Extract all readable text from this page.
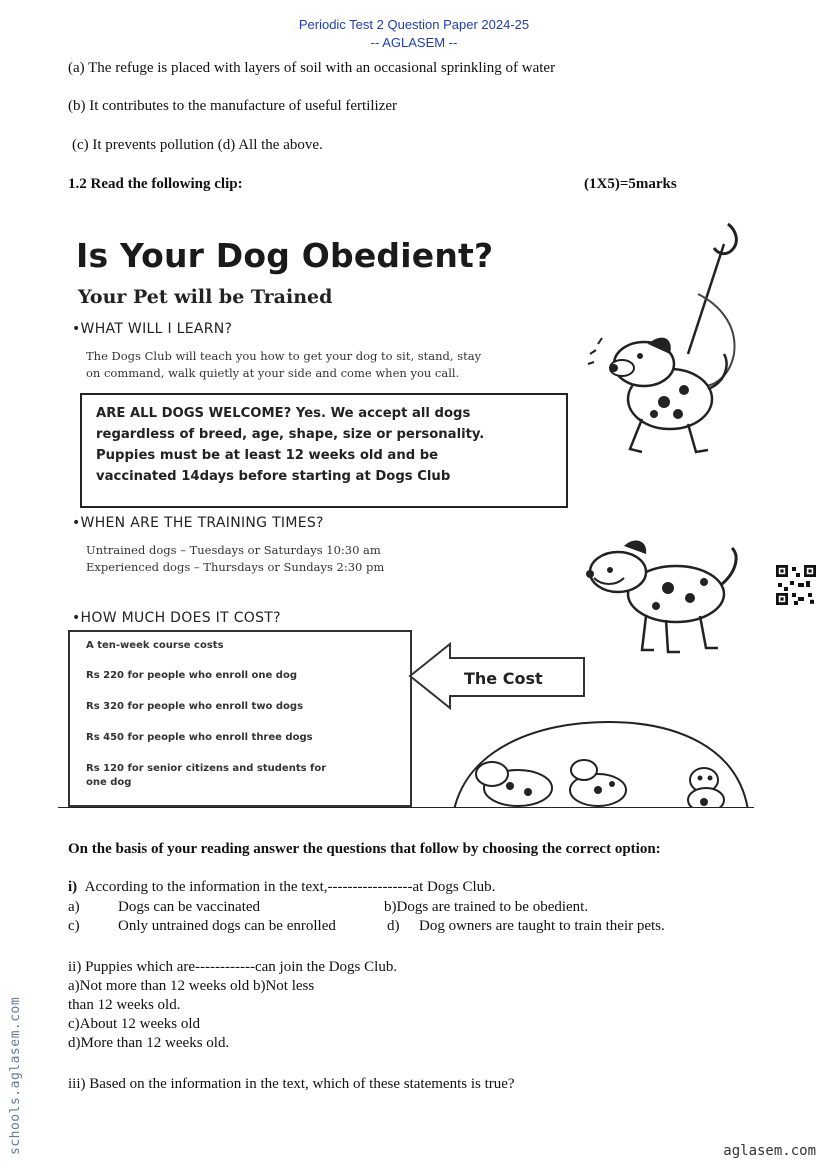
Periodic Test 2 Question Paper 2024-25
-- AGLASEM --
(a) The refuge is placed with layers of soil with an occasional sprinkling of water
(b) It contributes to the manufacture of useful fertilizer
(c) It prevents pollution (d) All the above.
1.2 Read the following clip:	(1X5)=5marks
Is Your Dog Obedient?
Your Pet will be Trained
•WHAT WILL I LEARN?
The Dogs Club will teach you how to get your dog to sit, stand, stay
on command, walk quietly at your side and come when you call.
ARE ALL DOGS WELCOME? Yes. We accept all dogs
regardless of breed, age, shape, size or personality.
Puppies must be at least 12 weeks old and be
vaccinated 14days before starting at Dogs Club
•WHEN ARE THE TRAINING TIMES?
Untrained dogs – Tuesdays or Saturdays 10:30 am
Experienced dogs – Thursdays or Sundays 2:30 pm
•HOW MUCH DOES IT COST?
A ten-week course costs
Rs 220 for people who enroll one dog
Rs 320 for people who enroll two dogs
Rs 450 for people who enroll three dogs
Rs 120 for senior citizens and students for
one dog
The Cost
On the basis of your reading answer the questions that follow by choosing the correct option:
i) According to the information in the text,-----------------at Dogs Club.
a)	Dogs can be vaccinated	b)Dogs are trained to be obedient.
c)	Only untrained dogs can be enrolled	d) Dog owners are taught to train their pets.
ii) Puppies which are------------can join the Dogs Club.
a)Not more than 12 weeks old b)Not less
than 12 weeks old.
c)About 12 weeks old
d)More than 12 weeks old.
iii) Based on the information in the text, which of these statements is true?
schools.aglasem.com	aglasem.com
